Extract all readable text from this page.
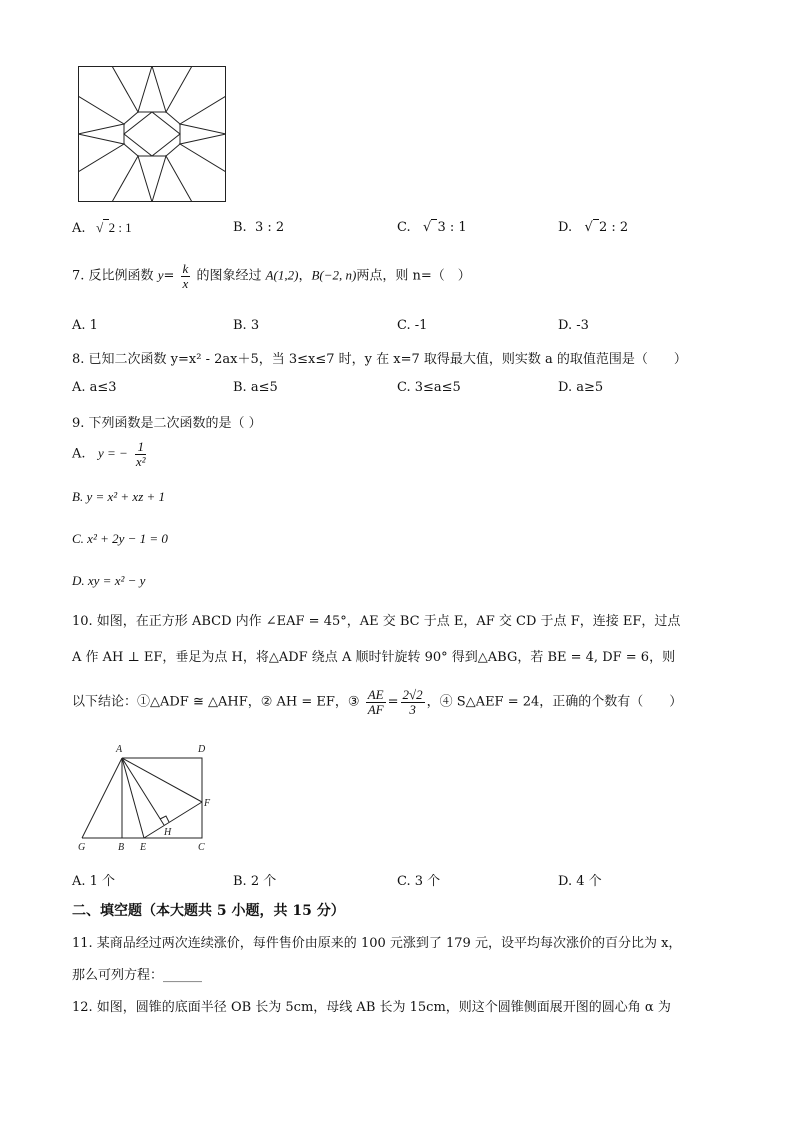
A.   √ 2 : 1	B. 3 : 2	C.   √ 3 : 1	D.   √ 2 : 2
7. 反比例函数 $y= \frac{k}{x}$ 的图象经过 A(1,2)，B(−2, n)两点，则 n=（　）
A. 1	B. 3	C. -1	D. -3
8. 已知二次函数 y=x² - 2ax＋5，当 3≤x≤7 时，y 在 x=7 取得最大值，则实数 a 的取值范围是（　　）
A. a≤3	B. a≤5	C. 3≤a≤5	D. a≥5
9. 下列函数是二次函数的是（ ）
A. y = − $\frac{1}{\text{x²}}$
B. y = x² + xz + 1
C. x² + 2y − 1 = 0
D. xy = x² − y
10. 如图，在正方形 ABCD 内作 ∠EAF = 45°，AE 交 BC 于点 E，AF 交 CD 于点 F，连接 EF，过点
A 作 AH ⊥ EF，垂足为点 H，将△ADF 绕点 A 顺时针旋转 90° 得到△ABG，若 BE = 4, DF = 6，则
以下结论：①△ADF ≅ △AHF，② AH = EF，③ $\frac{AE}{AF} = \frac{2√2}{3}$ ，④ S△AEF = 24，正确的个数有（　　）
A	D
F
H
G	B E	C
A. 1 个	B. 2 个	C. 3 个	D. 4 个
二、填空题（本大题共 5 小题，共 15 分）
11. 某商品经过两次连续涨价，每件售价由原来的 100 元涨到了 179 元，设平均每次涨价的百分比为 x，
那么可列方程：______
12. 如图，圆锥的底面半径 OB 长为 5cm，母线 AB 长为 15cm，则这个圆锥侧面展开图的圆心角 α 为
